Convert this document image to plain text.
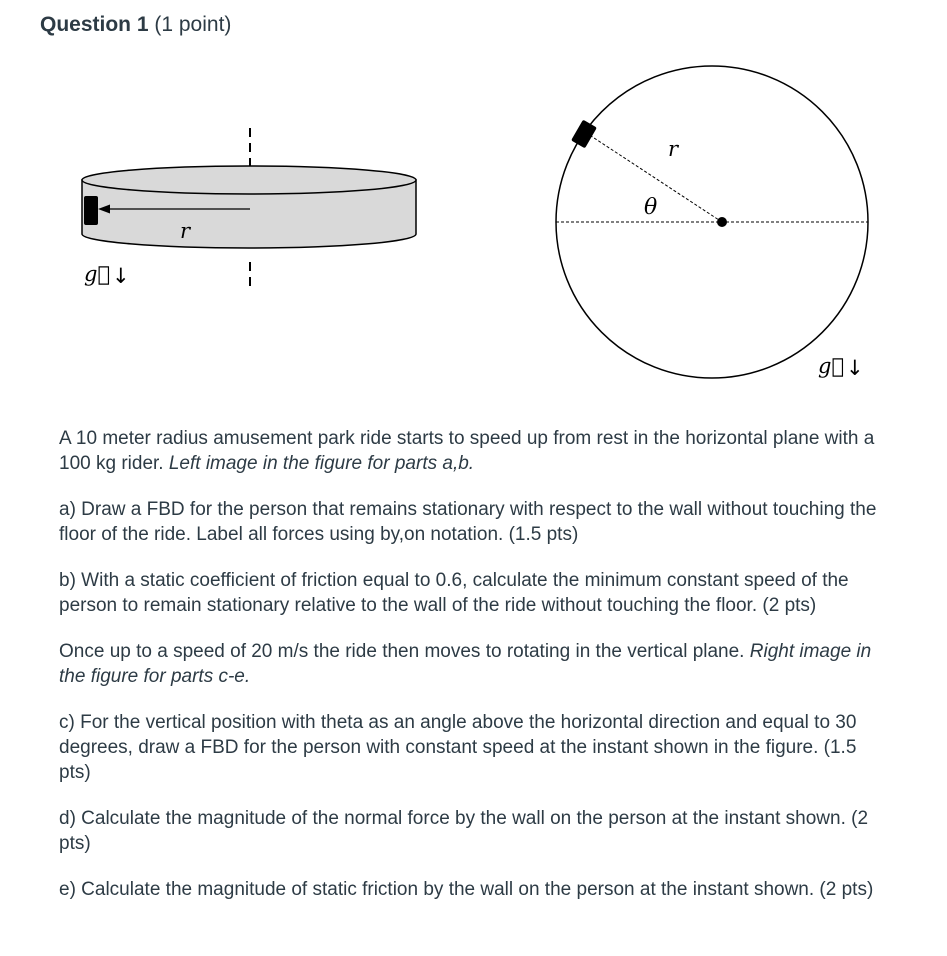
Question 1 (1 point)
r
g⃗ ↓
r
θ
g⃗ ↓

A 10 meter radius amusement park ride starts to speed up from rest in the horizontal plane with a 100 kg rider. Left image in the figure for parts a,b.

a) Draw a FBD for the person that remains stationary with respect to the wall without touching the floor of the ride. Label all forces using by,on notation. (1.5 pts)

b) With a static coefficient of friction equal to 0.6, calculate the minimum constant speed of the person to remain stationary relative to the wall of the ride without touching the floor. (2 pts)

Once up to a speed of 20 m/s the ride then moves to rotating in the vertical plane. Right image in the figure for parts c-e.

c) For the vertical position with theta as an angle above the horizontal direction and equal to 30 degrees, draw a FBD for the person with constant speed at the instant shown in the figure. (1.5 pts)

d) Calculate the magnitude of the normal force by the wall on the person at the instant shown. (2 pts)

e) Calculate the magnitude of static friction by the wall on the person at the instant shown. (2 pts)
